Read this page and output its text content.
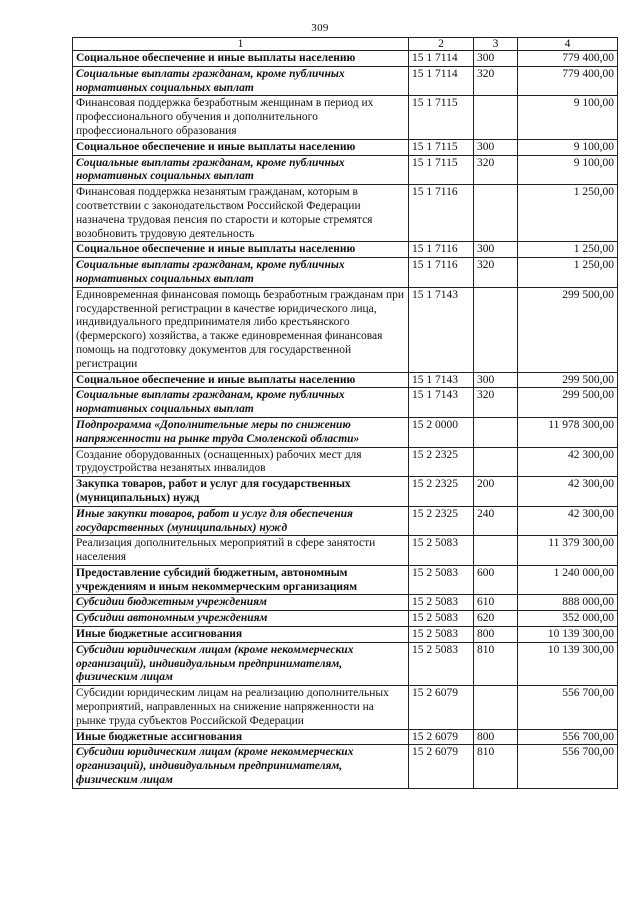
309
1	2	3	4
Социальное обеспечение и иные выплаты населению	15 1 7114	300	779 400,00
Социальные выплаты гражданам, кроме публичных нормативных социальных выплат	15 1 7114	320	779 400,00
Финансовая поддержка безработным женщинам в период их профессионального обучения и дополнительного профессионального образования	15 1 7115		9 100,00
Социальное обеспечение и иные выплаты населению	15 1 7115	300	9 100,00
Социальные выплаты гражданам, кроме публичных нормативных социальных выплат	15 1 7115	320	9 100,00
Финансовая поддержка незанятым гражданам, которым в соответствии с законодательством Российской Федерации назначена трудовая пенсия по старости и которые стремятся возобновить трудовую деятельность	15 1 7116		1 250,00
Социальное обеспечение и иные выплаты населению	15 1 7116	300	1 250,00
Социальные выплаты гражданам, кроме публичных нормативных социальных выплат	15 1 7116	320	1 250,00
Единовременная финансовая помощь безработным гражданам при государственной регистрации в качестве юридического лица, индивидуального предпринимателя либо крестьянского (фермерского) хозяйства, а также единовременная финансовая помощь на подготовку документов для государственной регистрации	15 1 7143		299 500,00
Социальное обеспечение и иные выплаты населению	15 1 7143	300	299 500,00
Социальные выплаты гражданам, кроме публичных нормативных социальных выплат	15 1 7143	320	299 500,00
Подпрограмма «Дополнительные меры по снижению напряженности на рынке труда Смоленской области»	15 2 0000		11 978 300,00
Создание оборудованных (оснащенных) рабочих мест для трудоустройства незанятых инвалидов	15 2 2325		42 300,00
Закупка товаров, работ и услуг для государственных (муниципальных) нужд	15 2 2325	200	42 300,00
Иные закупки товаров, работ и услуг для обеспечения государственных (муниципальных) нужд	15 2 2325	240	42 300,00
Реализация дополнительных мероприятий в сфере занятости населения	15 2 5083		11 379 300,00
Предоставление субсидий бюджетным, автономным учреждениям и иным некоммерческим организациям	15 2 5083	600	1 240 000,00
Субсидии бюджетным учреждениям	15 2 5083	610	888 000,00
Субсидии автономным учреждениям	15 2 5083	620	352 000,00
Иные бюджетные ассигнования	15 2 5083	800	10 139 300,00
Субсидии юридическим лицам (кроме некоммерческих организаций), индивидуальным предпринимателям, физическим лицам	15 2 5083	810	10 139 300,00
Субсидии юридическим лицам на реализацию дополнительных мероприятий, направленных на снижение напряженности на рынке труда субъектов Российской Федерации	15 2 6079		556 700,00
Иные бюджетные ассигнования	15 2 6079	800	556 700,00
Субсидии юридическим лицам (кроме некоммерческих организаций), индивидуальным предпринимателям, физическим лицам	15 2 6079	810	556 700,00
